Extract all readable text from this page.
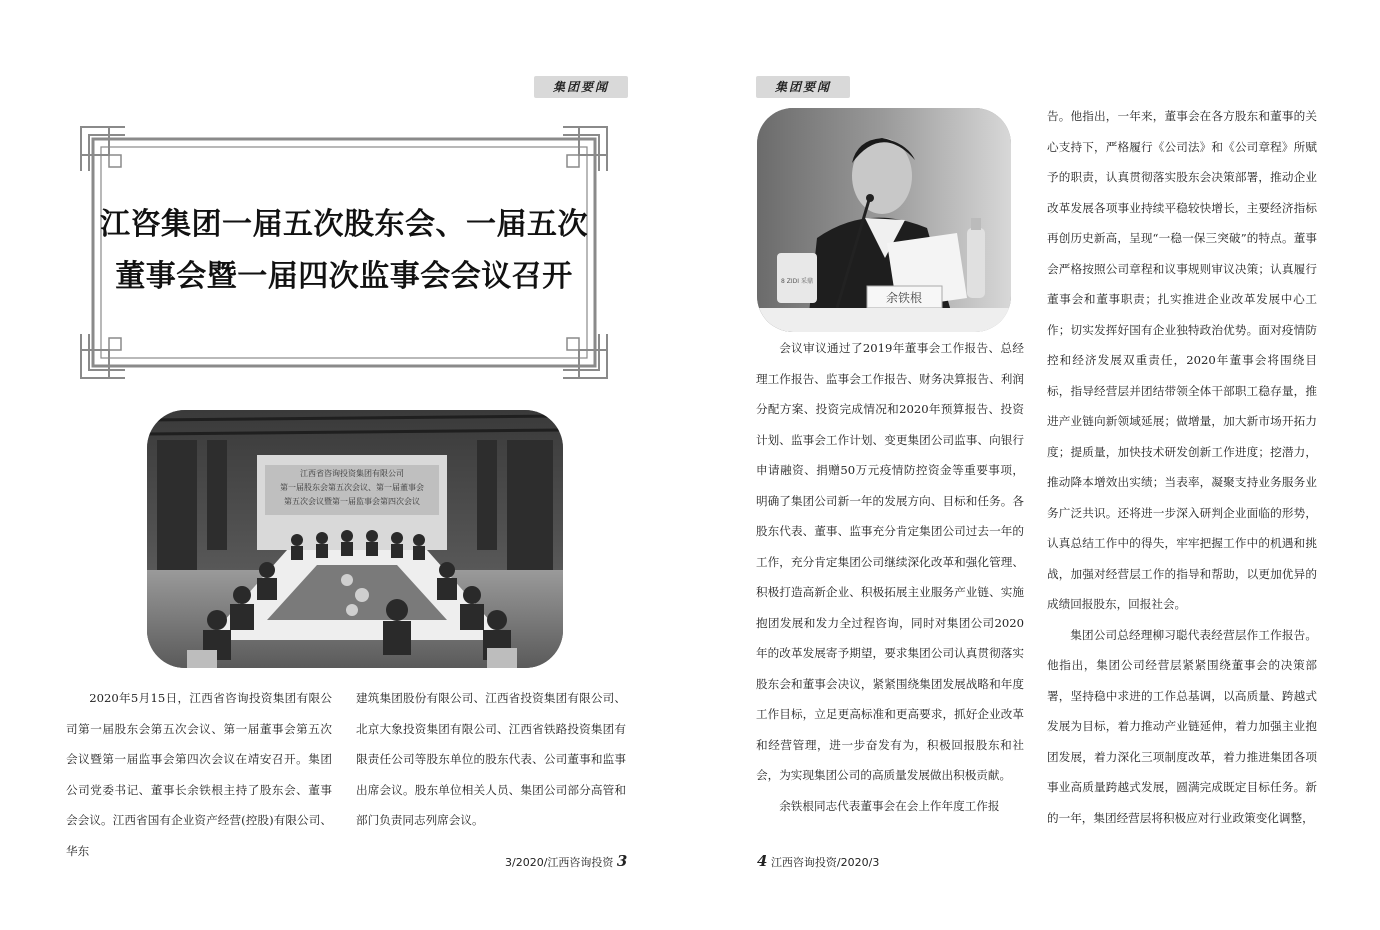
集团要闻
江咨集团一届五次股东会、一届五次
董事会暨一届四次监事会会议召开
江西省咨询投资集团有限公司
第一届股东会第五次会议、第一届董事会
第五次会议暨第一届监事会第四次会议

2020年5月15日，江西省咨询投资集团有限公司第一届股东会第五次会议、第一届董事会第五次会议暨第一届监事会第四次会议在靖安召开。集团公司党委书记、董事长余铁根主持了股东会、董事会会议。江西省国有企业资产经营(控股)有限公司、华东

建筑集团股份有限公司、江西省投资集团有限公司、北京大象投资集团有限公司、江西省铁路投资集团有限责任公司等股东单位的股东代表、公司董事和监事出席会议。股东单位相关人员、集团公司部分高管和部门负责同志列席会议。

3/2020/江西咨询投资 3
集团要闻
8 ZIDI 采鼎
余铁根

会议审议通过了2019年董事会工作报告、总经理工作报告、监事会工作报告、财务决算报告、利润分配方案、投资完成情况和2020年预算报告、投资计划、监事会工作计划、变更集团公司监事、向银行申请融资、捐赠50万元疫情防控资金等重要事项，明确了集团公司新一年的发展方向、目标和任务。各股东代表、董事、监事充分肯定集团公司过去一年的工作，充分肯定集团公司继续深化改革和强化管理、积极打造高新企业、积极拓展主业服务产业链、实施抱团发展和发力全过程咨询，同时对集团公司2020年的改革发展寄予期望，要求集团公司认真贯彻落实股东会和董事会决议，紧紧围绕集团发展战略和年度工作目标，立足更高标准和更高要求，抓好企业改革和经营管理，进一步奋发有为，积极回报股东和社会，为实现集团公司的高质量发展做出积极贡献。

余铁根同志代表董事会在会上作年度工作报

告。他指出，一年来，董事会在各方股东和董事的关心支持下，严格履行《公司法》和《公司章程》所赋予的职责，认真贯彻落实股东会决策部署，推动企业改革发展各项事业持续平稳较快增长，主要经济指标再创历史新高，呈现“一稳一保三突破”的特点。董事会严格按照公司章程和议事规则审议决策；认真履行董事会和董事职责；扎实推进企业改革发展中心工作；切实发挥好国有企业独特政治优势。面对疫情防控和经济发展双重责任，2020年董事会将围绕目标，指导经营层并团结带领全体干部职工稳存量，推进产业链向新领域延展；做增量，加大新市场开拓力度；提质量，加快技术研发创新工作进度；挖潜力，推动降本增效出实绩；当表率，凝聚支持业务服务业务广泛共识。还将进一步深入研判企业面临的形势，认真总结工作中的得失，牢牢把握工作中的机遇和挑战，加强对经营层工作的指导和帮助，以更加优异的成绩回报股东，回报社会。

集团公司总经理柳习聪代表经营层作工作报告。他指出，集团公司经营层紧紧围绕董事会的决策部署，坚持稳中求进的工作总基调，以高质量、跨越式发展为目标，着力推动产业链延伸，着力加强主业抱团发展，着力深化三项制度改革，着力推进集团各项事业高质量跨越式发展，圆满完成既定目标任务。新的一年，集团经营层将积极应对行业政策变化调整，

4 江西咨询投资/2020/3
